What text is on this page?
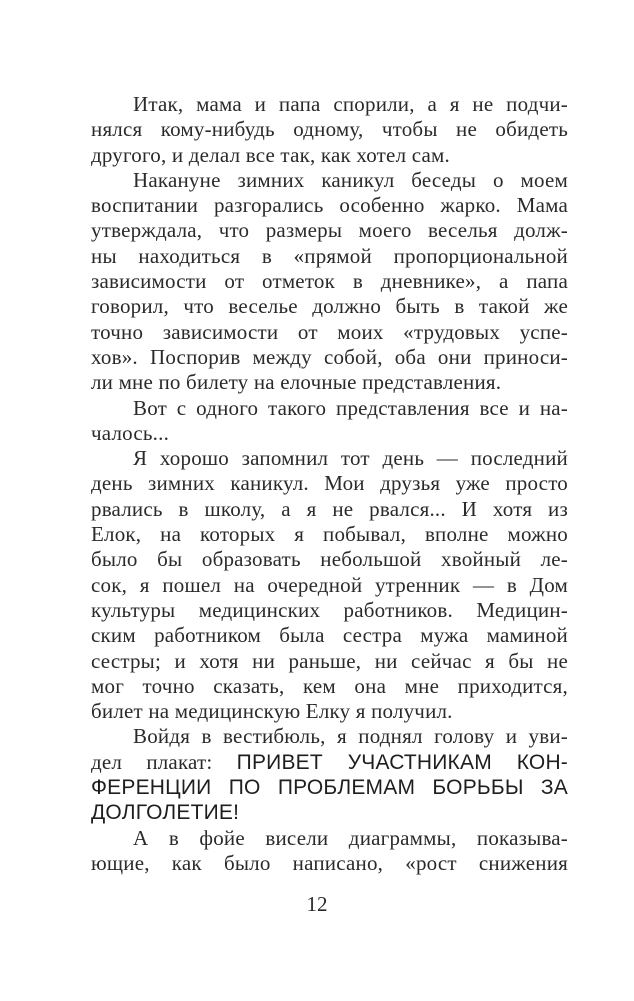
Итак, мама и папа спорили, а я не подчи-
нялся кому-нибудь одному, чтобы не обидеть
другого, и делал все так, как хотел сам.
Накануне зимних каникул беседы о моем
воспитании разгорались особенно жарко. Мама
утверждала, что размеры моего веселья долж-
ны находиться в «прямой пропорциональной
зависимости от отметок в дневнике», а папа
говорил, что веселье должно быть в такой же
точно зависимости от моих «трудовых успе-
хов». Поспорив между собой, оба они приноси-
ли мне по билету на елочные представления.
Вот с одного такого представления все и на-
чалось...
Я хорошо запомнил тот день — последний
день зимних каникул. Мои друзья уже просто
рвались в школу, а я не рвался... И хотя из
Елок, на которых я побывал, вполне можно
было бы образовать небольшой хвойный ле-
сок, я пошел на очередной утренник — в Дом
культуры медицинских работников. Медицин-
ским работником была сестра мужа маминой
сестры; и хотя ни раньше, ни сейчас я бы не
мог точно сказать, кем она мне приходится,
билет на медицинскую Елку я получил.
Войдя в вестибюль, я поднял голову и уви-
дел плакат: ПРИВЕТ УЧАСТНИКАМ КОН-
ФЕРЕНЦИИ ПО ПРОБЛЕМАМ БОРЬБЫ ЗА
ДОЛГОЛЕТИЕ!
А в фойе висели диаграммы, показыва-
ющие, как было написано, «рост снижения
12
